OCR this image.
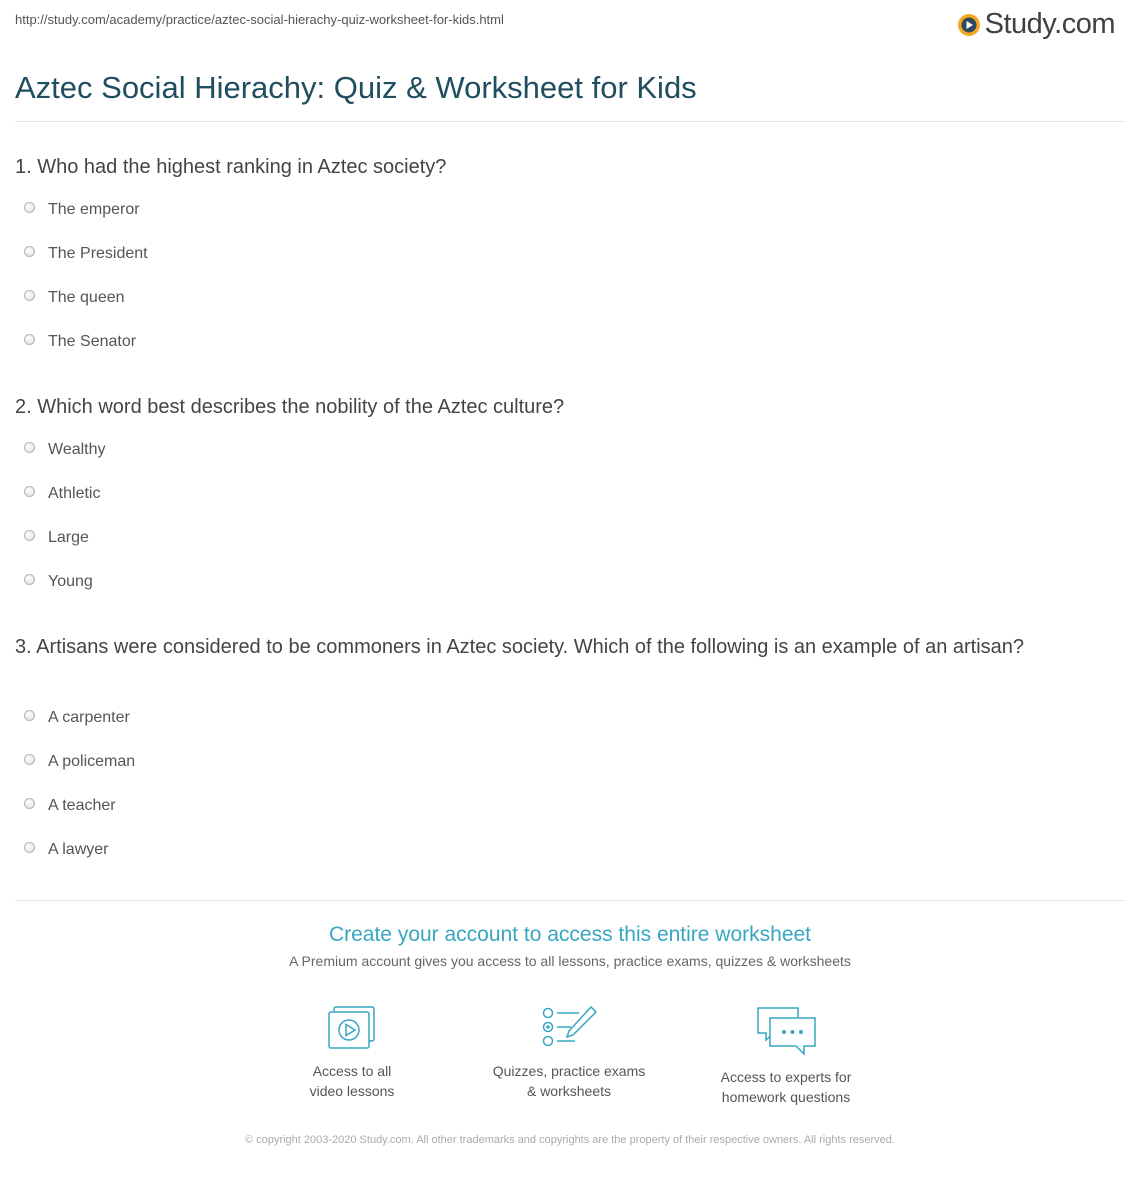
http://study.com/academy/practice/aztec-social-hierachy-quiz-worksheet-for-kids.html	Study.com
Aztec Social Hierachy: Quiz & Worksheet for Kids
1. Who had the highest ranking in Aztec society?
The emperor
The President
The queen
The Senator
2. Which word best describes the nobility of the Aztec culture?
Wealthy
Athletic
Large
Young
3. Artisans were considered to be commoners in Aztec society. Which of the following is an example of an artisan?
A carpenter
A policeman
A teacher
A lawyer
Create your account to access this entire worksheet
A Premium account gives you access to all lessons, practice exams, quizzes & worksheets
Access to all
video lessons
Quizzes, practice exams
& worksheets
Access to experts for
homework questions
© copyright 2003-2020 Study.com. All other trademarks and copyrights are the property of their respective owners. All rights reserved.
